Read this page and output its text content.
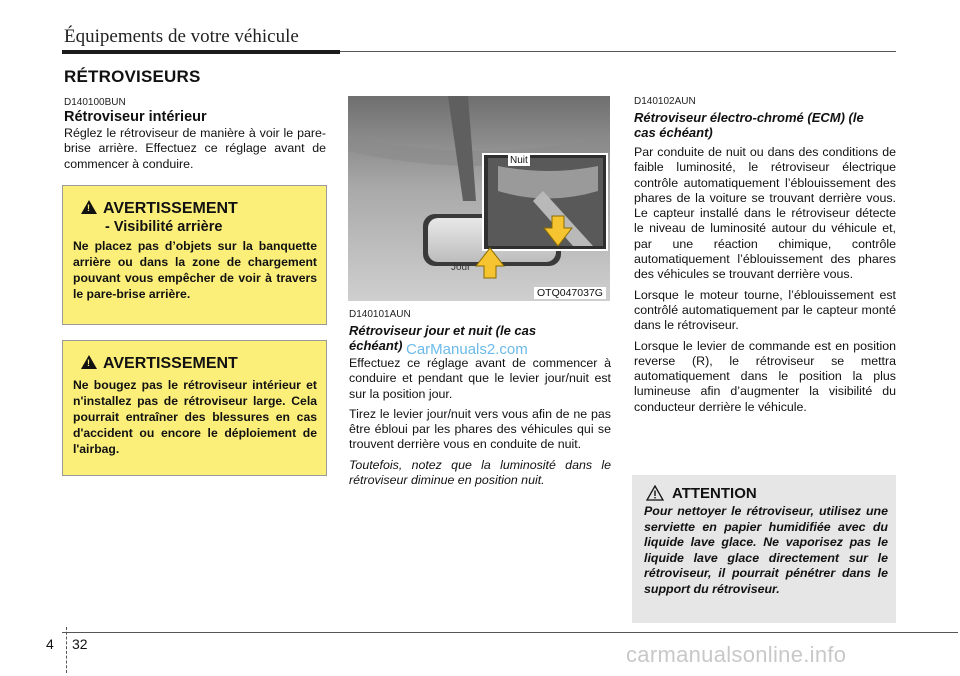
Équipements de votre véhicule
RÉTROVISEURS
D140100BUN
Rétroviseur intérieur
Réglez le rétroviseur de manière à voir le pare-brise arrière. Effectuez ce réglage avant de commencer à conduire.
! AVERTISSEMENT
- Visibilité arrière
Ne placez pas d’objets sur la banquette arrière ou dans la zone de chargement pouvant vous empêcher de voir à travers le pare-brise arrière.
! AVERTISSEMENT
Ne bougez pas le rétroviseur intérieur et n'installez pas de rétroviseur large. Cela pourrait entraîner des blessures en cas d'accident ou encore le déploiement de l'airbag.
Nuit
Jour
OTQ047037G
D140101AUN
Rétroviseur jour et nuit (le cas échéant)

Effectuez ce réglage avant de commencer à conduire et pendant que le levier jour/nuit est sur la position jour.

Tirez le levier jour/nuit vers vous afin de ne pas être ébloui par les phares des véhicules qui se trouvent derrière vous en conduite de nuit.

Toutefois, notez que la luminosité dans le rétroviseur diminue en position nuit.

CarManuals2.com
D140102AUN
Rétroviseur électro-chromé (ECM) (le cas échéant)

Par conduite de nuit ou dans des conditions de faible luminosité, le rétroviseur électrique contrôle automatiquement l’éblouissement des phares de la voiture se trouvant derrière vous. Le capteur installé dans le rétroviseur détecte le niveau de luminosité autour du véhicule et, par une réaction chimique, contrôle automatiquement l’éblouissement des phares des véhicules se trouvant derrière vous.

Lorsque le moteur tourne, l’éblouissement est contrôlé automatiquement par le capteur monté dans le rétroviseur.

Lorsque le levier de commande est en position reverse (R), le rétroviseur se mettra automatiquement dans le position la plus lumineuse afin d’augmenter la visibilité du conducteur derrière le véhicule.

ATTENTION
Pour nettoyer le rétroviseur, utilisez une serviette en papier humidifiée avec du liquide lave glace. Ne vaporisez pas le liquide lave glace directement sur le rétroviseur, il pourrait pénétrer dans le support du rétroviseur.
4 32	carmanualsonline.info
